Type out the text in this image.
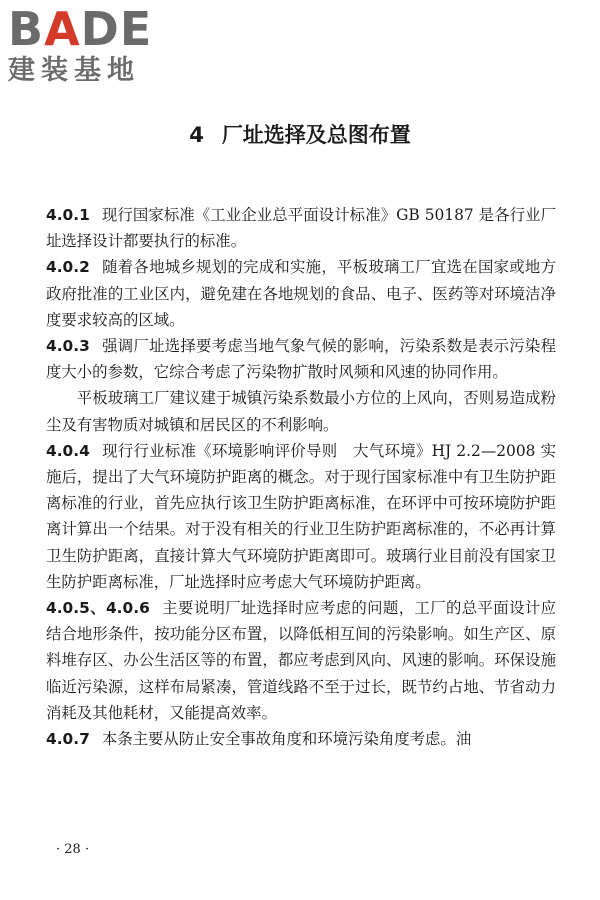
BADE
建装基地
4 厂址选择及总图布置

4.0.1 现行国家标准《工业企业总平面设计标准》GB 50187 是各行业厂址选择设计都要执行的标准。

4.0.2 随着各地城乡规划的完成和实施，平板玻璃工厂宜选在国家或地方政府批准的工业区内，避免建在各地规划的食品、电子、医药等对环境洁净度要求较高的区域。

4.0.3 强调厂址选择要考虑当地气象气候的影响，污染系数是表示污染程度大小的参数，它综合考虑了污染物扩散时风频和风速的协同作用。

平板玻璃工厂建议建于城镇污染系数最小方位的上风向，否则易造成粉尘及有害物质对城镇和居民区的不利影响。

4.0.4 现行行业标准《环境影响评价导则　大气环境》HJ 2.2—2008 实施后，提出了大气环境防护距离的概念。对于现行国家标准中有卫生防护距离标准的行业，首先应执行该卫生防护距离标准，在环评中可按环境防护距离计算出一个结果。对于没有相关的行业卫生防护距离标准的，不必再计算卫生防护距离，直接计算大气环境防护距离即可。玻璃行业目前没有国家卫生防护距离标准，厂址选择时应考虑大气环境防护距离。

4.0.5、4.0.6 主要说明厂址选择时应考虑的问题，工厂的总平面设计应结合地形条件，按功能分区布置，以降低相互间的污染影响。如生产区、原料堆存区、办公生活区等的布置，都应考虑到风向、风速的影响。环保设施临近污染源，这样布局紧凑，管道线路不至于过长，既节约占地、节省动力消耗及其他耗材，又能提高效率。

4.0.7 本条主要从防止安全事故角度和环境污染角度考虑。油

· 28 ·
